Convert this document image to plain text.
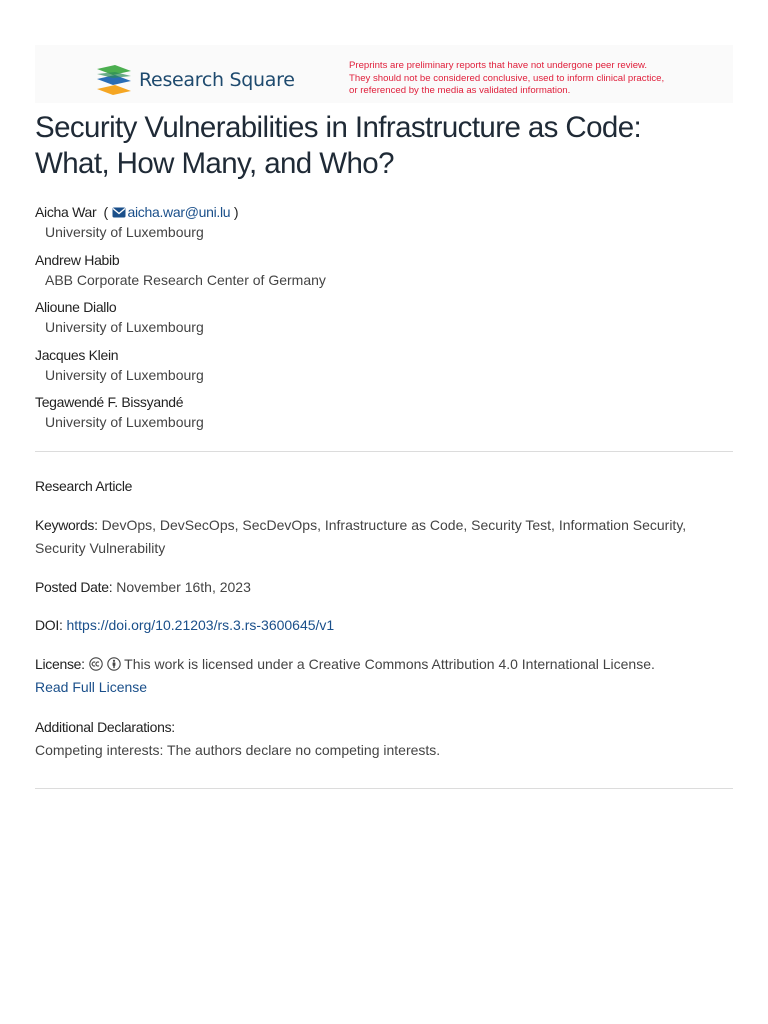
Research Square
Preprints are preliminary reports that have not undergone peer review.
They should not be considered conclusive, used to inform clinical practice,
or referenced by the media as validated information.
Security Vulnerabilities in Infrastructure as Code:
What, How Many, and Who?
Aicha War  ( aicha.war@uni.lu )
University of Luxembourg
Andrew Habib
ABB Corporate Research Center of Germany
Alioune Diallo
University of Luxembourg
Jacques Klein
University of Luxembourg
Tegawendé F. Bissyandé
University of Luxembourg
Research Article
Keywords: DevOps, DevSecOps, SecDevOps, Infrastructure as Code, Security Test, Information Security, Security Vulnerability
Posted Date: November 16th, 2023
DOI: https://doi.org/10.21203/rs.3.rs-3600645/v1
License:	This work is licensed under a Creative Commons Attribution 4.0 International License.
Read Full License
Additional Declarations:
Competing interests: The authors declare no competing interests.
